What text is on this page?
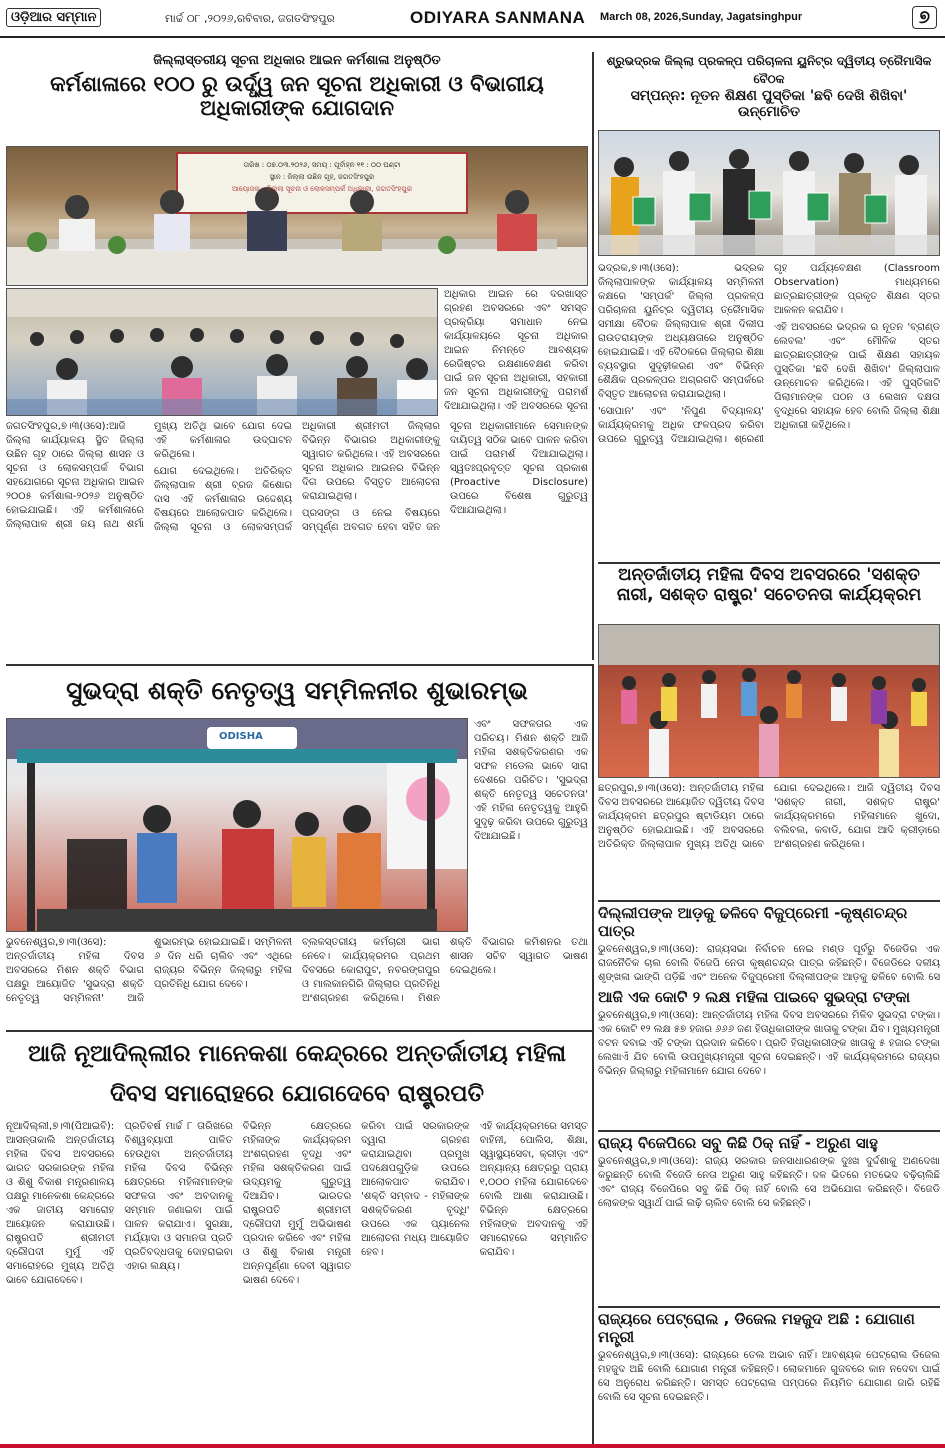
ଓଡ଼ିଆର ସମ୍ମାନ	ମାର୍ଚ୍ଚ ୦୮ ,୨୦୨୬,ରବିବାର, ଜଗତସିଂହପୁର	ODIYARA SANMANA March 08, 2026,Sunday, Jagatsinghpur	୭
ଜିଲ୍ଲାସ୍ତରୀୟ ସୂଚନା ଅଧିକାର ଆଇନ କର୍ମଶାଳା ଅନୁଷ୍ଠିତ
କର୍ମଶାଳାରେ ୧୦୦ ରୁ ଉର୍ଦ୍ଧ୍ୱ ଜନ ସୂଚନା ଅଧିକାରୀ ଓ ବିଭାଗୀୟ ଅଧିକାରୀଙ୍କ ଯୋଗଦାନ
ତାରିଖ : ୦୭.୦୩.୨୦୨୬, ସମୟ : ପୂର୍ବାହ୍ନ ୧୧ : ୦୦ ଘଣ୍ଟା
ସ୍ଥାନ : ଜିଲ୍ଲା ଉଛିନ ଗୃହ, ଜଗତସିଂହପୁର
ଆୟୋଜକ : ଜିଲ୍ଲା ସୂଚନା ଓ ଲୋକସମ୍ପର୍କ ଅଧିକାରୀ, ଜଗତସିଂହପୁର

ଜଗତସିଂହପୁର,୭।୩(ଓସେ):ଆଜି ଜିଲ୍ଲା କାର୍ଯ୍ୟାଳୟ ସ୍ଥିତ ଜିଲ୍ଲା ଉଛିନ ଗୃହ ଠାରେ ଜିଲ୍ଲା ଶାସନ ଓ ସୂଚନା ଓ ଲୋକସମ୍ପର୍କ ବିଭାଗ ସହଯୋଗରେ ସୂଚନା ଅଧିକାର ଆଇନ ୨୦୦୫ କର୍ମଶାଳା-୨୦୨୬ ଅନୁଷ୍ଠିତ ହୋଇଯାଇଛି। ଏହି କର୍ମଶାଳାରେ ଜିଲ୍ଲାପାଳ ଶ୍ରୀ ଜୟ ନାଥ ଶର୍ମା ମୁଖ୍ୟ ଅତିଥି ଭାବେ ଯୋଗ ଦେଇ ଏହି କର୍ମଶାଳାର ଉଦ୍‌ଘାଟନ କରିଥିଲେ।

ଯୋଗ ଦେଇଥିଲେ। ଅତିରିକ୍ତ ଜିଲ୍ଲାପାଳ ଶ୍ରୀ ବ୍ରଜ କିଶୋର ଦାସ ଏହି କର୍ମଶାଳାର ଉଦ୍ଦେଶ୍ୟ ବିଷୟରେ ଆଲୋକପାତ କରିଥିଲେ। ଜିଲ୍ଲା ସୂଚନା ଓ ଲୋକସମ୍ପର୍କ ଅଧିକାରୀ ଶ୍ରୀମତୀ ଜିଲ୍ଲାର ବିଭିନ୍ନ ବିଭାଗର ଅଧିକାରୀଙ୍କୁ ସ୍ୱାଗତ କରିଥିଲେ। ଏହି ଅବସରରେ ସୂଚନା ଅଧିକାର ଆଇନର ବିଭିନ୍ନ ଦିଗ ଉପରେ ବିସ୍ତୃତ ଆଲୋଚନା କରାଯାଇଥିଲା।

ପ୍ରସଙ୍ଗ ଓ ନେଇ ବିଷୟରେ ସମ୍ପୂର୍ଣ୍ଣ ଅବଗତ ହେବା ସହିତ ଜନ ସୂଚନା ଅଧିକାରୀମାନେ ସେମାନଙ୍କ ଦାୟିତ୍ୱ ସଠିକ ଭାବେ ପାଳନ କରିବା ପାଇଁ ପରାମର୍ଶ ଦିଆଯାଇଥିଲା। ସ୍ୱତଃପ୍ରବୃତ୍ତ ସୂଚନା ପ୍ରକାଶ (Proactive Disclosure) ଉପରେ ବିଶେଷ ଗୁରୁତ୍ୱ ଦିଆଯାଇଥିଲା।

ଅଧିକାର ଆଇନ ରେ ଦରଖାସ୍ତ ଗ୍ରହଣ ଅବସରରେ ଏବଂ ସମସ୍ତ ପ୍ରକ୍ରିୟା ସମାଧାନ ନେଇ କାର୍ଯ୍ୟାଳୟରେ ସୂଚନା ଅଧିକାର ଆଇନ ନିମନ୍ତେ ଆବଶ୍ୟକ ରେଜିଷ୍ଟର ରକ୍ଷଣାବେକ୍ଷଣ କରିବା ପାଇଁ ଜନ ସୂଚନା ଅଧିକାରୀ, ସହକାରୀ ଜନ ସୂଚନା ଅଧିକାରୀଙ୍କୁ ପରାମର୍ଶ ଦିଆଯାଇଥିଲା। ଏହି ଅବସରରେ ସୂଚନା

ଶ୍ରୁଭଦ୍ରକ ଜିଲ୍ଲା ପ୍ରକଳ୍ପ ପରିଚାଳନା ୟୁନିଟ୍‌ର ଦ୍ୱିତୀୟ ତ୍ରୈମାସିକ ବୈଠକ
ସମ୍ପନ୍ନ: ନୂତନ ଶିକ୍ଷଣ ପୁସ୍ତିକା 'ଛବି ଦେଖି ଶିଖିବା' ଉନ୍ମୋଚିତ

ଭଦ୍ରକ,୭।୩(ଓସେ): ଭଦ୍ରକ ଜିଲ୍ଲାପାଳଙ୍କ କାର୍ଯ୍ୟାଳୟ ସମ୍ମିଳନୀ କକ୍ଷରେ 'ସମ୍ପର୍କ' ଜିଲ୍ଲା ପ୍ରକଳ୍ପ ପରିଚାଳନା ୟୁନିଟ୍‌ର ଦ୍ୱିତୀୟ ତ୍ରୈମାସିକ ସମୀକ୍ଷା ବୈଠକ ଜିଲ୍ଲାପାଳ ଶ୍ରୀ ଦିଲୀପ ରାଉତରାୟଙ୍କ ଅଧ୍ୟକ୍ଷତାରେ ଅନୁଷ୍ଠିତ ହୋଇଯାଇଛି। ଏହି ବୈଠକରେ ଜିଲ୍ଲାର ଶିକ୍ଷା ବ୍ୟବସ୍ଥାର ସୁଦୃଢ଼ୀକରଣ ଏବଂ ବିଭିନ୍ନ ଶୈକ୍ଷିକ ପ୍ରକଳ୍ପର ଅଗ୍ରଗତି ସମ୍ପର୍କରେ ବିସ୍ତୃତ ଆଲୋଚନା କରାଯାଇଥିଲା।

'ସୋପାନ' ଏବଂ 'ନିପୁଣ ବିଦ୍ୟାଳୟ' କାର୍ଯ୍ୟକ୍ରମକୁ ଅଧିକ ଫଳପ୍ରଦ କରିବା ଉପରେ ଗୁରୁତ୍ୱ ଦିଆଯାଇଥିଲା। ଶ୍ରେଣୀ ଗୃହ ପର୍ଯ୍ୟବେକ୍ଷଣ (Classroom Observation) ମାଧ୍ୟମରେ ଛାତ୍ରଛାତ୍ରୀଙ୍କ ପ୍ରକୃତ ଶିକ୍ଷଣ ସ୍ତର ଆକଳନ କରାଯିବ।

ଏହି ଅବସରରେ ଭଦ୍ରକ ର ନୂତନ 'ବ୍ରାଣ୍ଡ ଲେବଲ' ଏବଂ ମୌଳିକ ସ୍ତର ଛାତ୍ରଛାତ୍ରୀଙ୍କ ପାଇଁ ଶିକ୍ଷଣ ସହାୟକ ପୁସ୍ତିକା 'ଛବି ଦେଖି ଶିଖିବା' ଜିଲ୍ଲାପାଳ ଉନ୍ମୋଚନ କରିଥିଲେ। ଏହି ପୁସ୍ତିକାଟି ପିଲାମାନଙ୍କ ପଠନ ଓ ଲେଖନ ଦକ୍ଷତା ବୃଦ୍ଧିରେ ସହାୟକ ହେବ ବୋଲି ଜିଲ୍ଲା ଶିକ୍ଷା ଅଧିକାରୀ କହିଥିଲେ।

ଅନ୍ତର୍ଜାତୀୟ ମହିଳା ଦିବସ ଅବସରରେ 'ସଶକ୍ତ ନାରୀ, ସଶକ୍ତ ରାଷ୍ଟ୍ର' ସଚେତନତା କାର୍ଯ୍ୟକ୍ରମ

ଛତ୍ରପୁର,୭।୩(ଓସେ): ଅନ୍ତର୍ଜାତୀୟ ମହିଳା ଦିବସ ଅବସରରେ ଆୟୋଜିତ ଦ୍ୱିତୀୟ ଦିବସ କାର୍ଯ୍ୟକ୍ରମ ଛତ୍ରପୁର ଷ୍ଟାଡିୟମ ଠାରେ ଅନୁଷ୍ଠିତ ହୋଇଯାଇଛି। ଏହି ଅବସରରେ ଅତିରିକ୍ତ ଜିଲ୍ଲାପାଳ ମୁଖ୍ୟ ଅତିଥି ଭାବେ ଯୋଗ ଦେଇଥିଲେ। ଆଜି ଦ୍ୱିତୀୟ ଦିବସ 'ସଶକ୍ତ ନାରୀ, ସଶକ୍ତ ରାଷ୍ଟ୍ର' କାର୍ଯ୍ୟକ୍ରମରେ ମହିଳାମାନେ ଖୁଦୋ, ବଲିବଲ, କବାଡି, ଯୋଗ ଆଦି କ୍ରୀଡ଼ାରେ ଅଂଶଗ୍ରହଣ କରିଥିଲେ।

ଦିଲ୍ଲୀପଙ୍କ ଆଡ଼କୁ ଢଳିବେ ବିଜୁପ୍ରେମୀ -କୃଷ୍ଣଚନ୍ଦ୍ର ପାତ୍ର
ଭୁବନେଶ୍ୱର,୭।୩(ଓସେ): ରାଜ୍ୟସଭା ନିର୍ବାଚନ ନେଇ ମଣ୍ଡ ପୂର୍ବରୁ ବିଜେଡିର ଏକ ରାଜନୈତିକ ଚାଲ ବୋଲି ବିଜେପି ନେତା କୃଷ୍ଣଚନ୍ଦ୍ର ପାତ୍ର କହିଛନ୍ତି। ବିଜେଡିରେ ଦଳୀୟ ଶୃଙ୍ଖଳା ଭାଙ୍ଗି ପଡ଼ିଛି ଏବଂ ଅନେକ ବିଜୁପ୍ରେମୀ ଦିଲ୍ଲୀପଙ୍କ ଆଡ଼କୁ ଢଳିବେ ବୋଲି ସେ
ଆଜି ଏକ କୋଟି ୨ ଲକ୍ଷ ମହିଳା ପାଇବେ ସୁଭଦ୍ରା ଟଙ୍କା
ଭୁବନେଶ୍ୱର,୭।୩(ଓସେ): ଆନ୍ତର୍ଜାତୀୟ ମହିଳା ଦିବସ ଅବସରରେ ମିଳିବ ସୁଭଦ୍ରା ଟଙ୍କା। ଏକ କୋଟି ୧୨ ଲକ୍ଷ ୫୭ ହଜାର ୬୬୬ ଜଣ ହିତାଧିକାରୀଙ୍କ ଖାତାକୁ ଟଙ୍କା ଯିବ। ମୁଖ୍ୟମନ୍ତ୍ରୀ ବଟନ ଦବାଇ ଏହି ଟଙ୍କା ପ୍ରଦାନ କରିବେ। ପ୍ରତି ହିତାଧିକାରୀଙ୍କ ଖାତାକୁ ୫ ହଜାର ଟଙ୍କା ଲେଖାଏଁ ଯିବ ବୋଲି ଉପମୁଖ୍ୟମନ୍ତ୍ରୀ ସୂଚନା ଦେଇଛନ୍ତି। ଏହି କାର୍ଯ୍ୟକ୍ରମରେ ରାଜ୍ୟର ବିଭିନ୍ନ ଜିଲ୍ଲାରୁ ମହିଳାମାନେ ଯୋଗ ଦେବେ।
ରାଜ୍ୟ ବିଜେପିରେ ସବୁ କିଛି ଠିକ୍ ନାହିଁ - ଅରୁଣ ସାହୁ
ଭୁବନେଶ୍ୱର,୭।୩(ଓସେ): ରାଜ୍ୟ ସରକାର ଜନସାଧାରଣଙ୍କ ଦୁଃଖ ଦୁର୍ଦ୍ଦଶାକୁ ଅଣଦେଖା କରୁଛନ୍ତି ବୋଲି ବିଜେଡି ନେତା ଅରୁଣ ସାହୁ କହିଛନ୍ତି। ଦଳ ଭିତରେ ମତଭେଦ ବଢ଼ିଚାଲିଛି ଏବଂ ରାଜ୍ୟ ବିଜେପିରେ ସବୁ କିଛି ଠିକ୍ ନାହିଁ ବୋଲି ସେ ଅଭିଯୋଗ କରିଛନ୍ତି। ବିଜେଡି ଲୋକଙ୍କ ସ୍ୱାର୍ଥ ପାଇଁ ଲଢ଼ି ଚାଲିବ ବୋଲି ସେ କହିଛନ୍ତି।
ରାଜ୍ୟରେ ପେଟ୍ରୋଲ , ଡିଜେଲ ମହଜୁଦ ଅଛି : ଯୋଗାଣ ମନ୍ତ୍ରୀ
ଭୁବନେଶ୍ୱର,୭।୩(ଓସେ): ରାଜ୍ୟରେ ତେଲ ଅଭାବ ନାହିଁ। ଆବଶ୍ୟକ ପେଟ୍ରୋଲ ଡିଜେଲ ମହଜୁଦ ଅଛି ବୋଲି ଯୋଗାଣ ମନ୍ତ୍ରୀ କହିଛନ୍ତି। ଲୋକମାନେ ଗୁଜବରେ କାନ ନଦେବା ପାଇଁ ସେ ଅନୁରୋଧ କରିଛନ୍ତି। ସମସ୍ତ ପେଟ୍ରୋଲ ପମ୍ପରେ ନିୟମିତ ଯୋଗାଣ ଜାରି ରହିଛି ବୋଲି ସେ ସୂଚନା ଦେଇଛନ୍ତି।
ସୁଭଦ୍ରା ଶକ୍ତି ନେତୃତ୍ୱ ସମ୍ମିଳନୀର ଶୁଭାରମ୍ଭ
ODISHA

ଏବଂ ସଫଳତାର ଏକ ପରିଚୟ। ମିଶନ ଶକ୍ତି ଆଜି ମହିଳା ସଶକ୍ତିକରଣର ଏକ ସଫଳ ମଡେଲ ଭାବେ ସାରା ଦେଶରେ ପରିଚିତ। 'ସୁଭଦ୍ରା ଶକ୍ତି ନେତୃତ୍ୱ ସଚେତନତା' ଏହି ମହିଳା ନେତୃତ୍ୱକୁ ଆହୁରି ସୁଦୃଢ଼ କରିବା ଉପରେ ଗୁରୁତ୍ୱ ଦିଆଯାଇଛି।

ଭୁବନେଶ୍ୱର,୭।୩(ଓସେ): ଅନ୍ତର୍ଜାତୀୟ ମହିଳା ଦିବସ ଅବସରରେ ମିଶନ ଶକ୍ତି ବିଭାଗ ପକ୍ଷରୁ ଆୟୋଜିତ 'ସୁଭଦ୍ରା ଶକ୍ତି ନେତୃତ୍ୱ ସମ୍ମିଳନୀ' ଆଜି ଶୁଭାରମ୍ଭ ହୋଇଯାଇଛି। ସମ୍ମିଳନୀ ୬ ଦିନ ଧରି ଚାଲିବ ଏବଂ ଏଥିରେ ରାଜ୍ୟର ବିଭିନ୍ନ ଜିଲ୍ଲାରୁ ମହିଳା ପ୍ରତିନିଧି ଯୋଗ ଦେବେ।

ବ୍ଲକସ୍ତରୀୟ କର୍ମଚାରୀ ଭାଗ ନେବେ। କାର୍ଯ୍ୟକ୍ରମର ପ୍ରଥମ ଦିବସରେ କୋରାପୁଟ, ନବରଙ୍ଗପୁର ଓ ମାଲକାନଗିରି ଜିଲ୍ଲାର ପ୍ରତିନିଧି ଅଂଶଗ୍ରହଣ କରିଥିଲେ। ମିଶନ ଶକ୍ତି ବିଭାଗର କମିଶନର ତଥା ଶାସନ ସଚିବ ସ୍ୱାଗତ ଭାଷଣ ଦେଇଥିଲେ।

ଆଜି ନୂଆଦିଲ୍ଲୀର ମାନେକଶା କେନ୍ଦ୍ରରେ ଅନ୍ତର୍ଜାତୀୟ ମହିଳା ଦିବସ ସମାରୋହରେ ଯୋଗଦେବେ ରାଷ୍ଟ୍ରପତି

ନୂଆଦିଲ୍ଲୀ,୭।୩(ପିଆଇବି): ଆସନ୍ତାକାଲି ଅନ୍ତର୍ଜାତୀୟ ମହିଳା ଦିବସ ଅବସରରେ ଭାରତ ସରକାରଙ୍କ ମହିଳା ଓ ଶିଶୁ ବିକାଶ ମନ୍ତ୍ରଣାଳୟ ପକ୍ଷରୁ ମାନେକଶା କେନ୍ଦ୍ରରେ ଏକ ଜାତୀୟ ସମାରୋହ ଆୟୋଜନ କରାଯାଉଛି। ରାଷ୍ଟ୍ରପତି ଶ୍ରୀମତୀ ଦ୍ରୌପଦୀ ମୁର୍ମୁ ଏହି ସମାରୋହରେ ମୁଖ୍ୟ ଅତିଥି ଭାବେ ଯୋଗଦେବେ।

ପ୍ରତିବର୍ଷ ମାର୍ଚ୍ଚ ୮ ତାରିଖରେ ବିଶ୍ୱବ୍ୟାପୀ ପାଳିତ ହେଉଥିବା ଅନ୍ତର୍ଜାତୀୟ ମହିଳା ଦିବସ ବିଭିନ୍ନ କ୍ଷେତ୍ରରେ ମହିଳାମାନଙ୍କ ସଫଳତା ଏବଂ ଅବଦାନକୁ ସମ୍ମାନ ଜଣାଇବା ପାଇଁ ପାଳନ କରାଯାଏ। ସୁରକ୍ଷା, ମର୍ଯ୍ୟାଦା ଓ ସମାନତା ପ୍ରତି ପ୍ରତିବଦ୍ଧତାକୁ ଦୋହରାଇବା ଏହାର ଲକ୍ଷ୍ୟ।

ବିଭିନ୍ନ କ୍ଷେତ୍ରରେ ମହିଳାଙ୍କ କାର୍ଯ୍ୟକ୍ରମ ଅଂଶଗ୍ରହଣ ବୃଦ୍ଧି ଏବଂ ମହିଳା ସଶକ୍ତିକରଣ ପାଇଁ ଉଦ୍ୟମକୁ ଗୁରୁତ୍ୱ ଦିଆଯିବ। ଭାରତର ରାଷ୍ଟ୍ରପତି ଶ୍ରୀମତୀ ଦ୍ରୌପଦୀ ମୁର୍ମୁ ଅଭିଭାଷଣ ପ୍ରଦାନ କରିବେ ଏବଂ ମହିଳା ଓ ଶିଶୁ ବିକାଶ ମନ୍ତ୍ରୀ ଅନ୍ନପୂର୍ଣ୍ଣା ଦେବୀ ସ୍ୱାଗତ ଭାଷଣ ଦେବେ।

କରିବା ପାଇଁ ସରକାରଙ୍କ ଦ୍ୱାରା ଗ୍ରହଣ କରାଯାଇଥିବା ପ୍ରମୁଖ ପଦକ୍ଷେପଗୁଡ଼ିକ ଉପରେ ଆଲୋକପାତ କରାଯିବ। 'ଶକ୍ତି ସମ୍ବାଦ - ମହିଳାଙ୍କ ସଶକ୍ତିକରଣ ବୃଦ୍ଧି' ଉପରେ ଏକ ପ୍ୟାନେଲ ଆଲୋଚନା ମଧ୍ୟ ଆୟୋଜିତ ହେବ।

ଏହି କାର୍ଯ୍ୟକ୍ରମରେ ସମସ୍ତ ବାହିନୀ, ପୋଲିସ, ଶିକ୍ଷା, ସ୍ୱାସ୍ଥ୍ୟସେବା, କ୍ରୀଡ଼ା ଏବଂ ଅନ୍ୟାନ୍ୟ କ୍ଷେତ୍ରରୁ ପ୍ରାୟ ୧,୦୦୦ ମହିଳା ଯୋଗଦେବେ ବୋଲି ଆଶା କରାଯାଉଛି। ବିଭିନ୍ନ କ୍ଷେତ୍ରରେ ମହିଳାଙ୍କ ଅବଦାନକୁ ଏହି ସମାରୋହରେ ସମ୍ମାନିତ କରାଯିବ।
